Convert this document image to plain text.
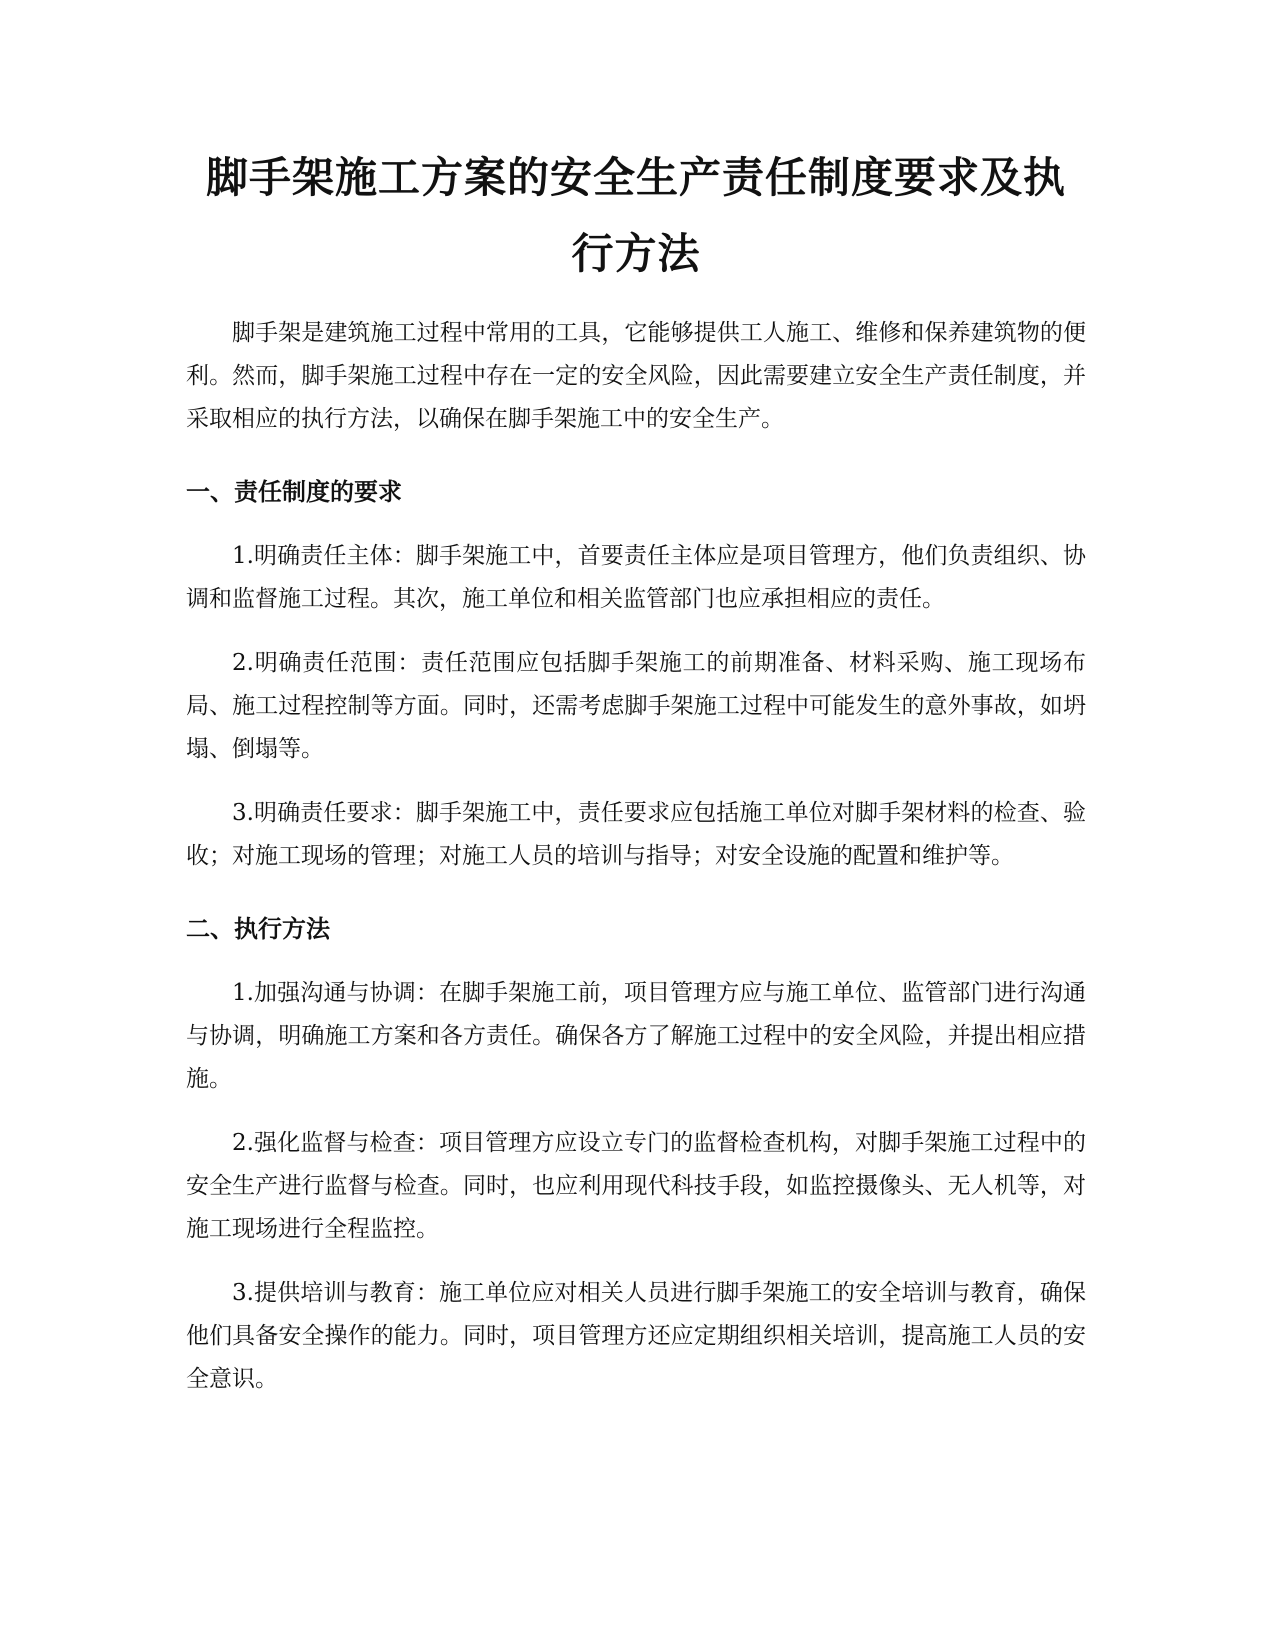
脚手架施工方案的安全生产责任制度要求及执行方法

脚手架是建筑施工过程中常用的工具，它能够提供工人施工、维修和保养建筑物的便利。然而，脚手架施工过程中存在一定的安全风险，因此需要建立安全生产责任制度，并采取相应的执行方法，以确保在脚手架施工中的安全生产。

一、责任制度的要求

1.明确责任主体：脚手架施工中，首要责任主体应是项目管理方，他们负责组织、协调和监督施工过程。其次，施工单位和相关监管部门也应承担相应的责任。

2.明确责任范围：责任范围应包括脚手架施工的前期准备、材料采购、施工现场布局、施工过程控制等方面。同时，还需考虑脚手架施工过程中可能发生的意外事故，如坍塌、倒塌等。

3.明确责任要求：脚手架施工中，责任要求应包括施工单位对脚手架材料的检查、验收；对施工现场的管理；对施工人员的培训与指导；对安全设施的配置和维护等。

二、执行方法

1.加强沟通与协调：在脚手架施工前，项目管理方应与施工单位、监管部门进行沟通与协调，明确施工方案和各方责任。确保各方了解施工过程中的安全风险，并提出相应措施。

2.强化监督与检查：项目管理方应设立专门的监督检查机构，对脚手架施工过程中的安全生产进行监督与检查。同时，也应利用现代科技手段，如监控摄像头、无人机等，对施工现场进行全程监控。

3.提供培训与教育：施工单位应对相关人员进行脚手架施工的安全培训与教育，确保他们具备安全操作的能力。同时，项目管理方还应定期组织相关培训，提高施工人员的安全意识。
